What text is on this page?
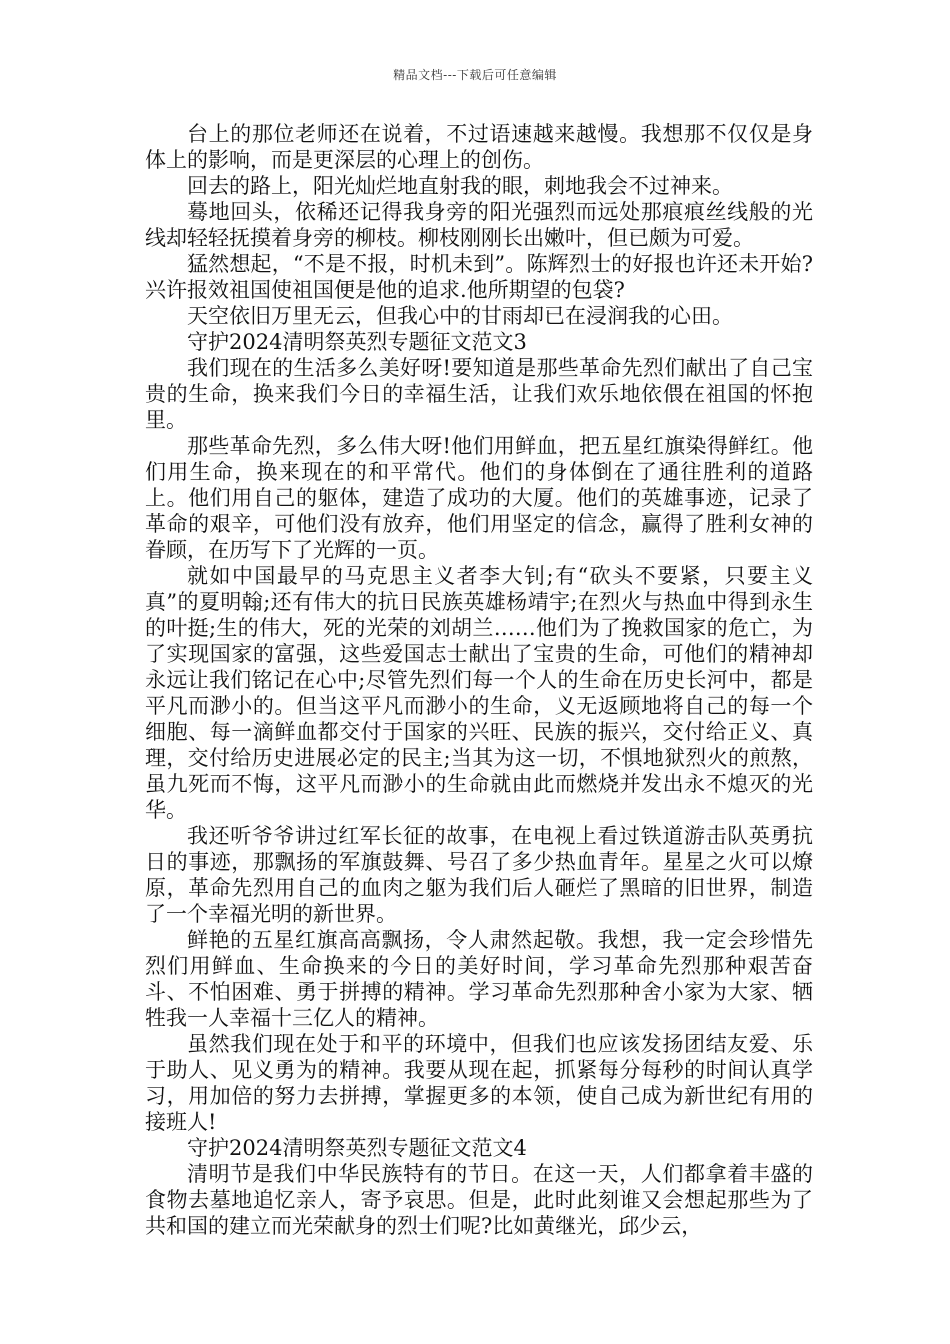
精品文档---下载后可任意编辑

台上的那位老师还在说着，不过语速越来越慢。我想那不仅仅是身体上的影响，而是更深层的心理上的创伤。

回去的路上，阳光灿烂地直射我的眼，刺地我会不过神来。

蓦地回头，依稀还记得我身旁的阳光强烈而远处那痕痕丝线般的光线却轻轻抚摸着身旁的柳枝。柳枝刚刚长出嫩叶，但已颇为可爱。

猛然想起，“不是不报，时机未到”。陈辉烈士的好报也许还未开始?兴许报效祖国使祖国便是他的追求.他所期望的包袋?

天空依旧万里无云，但我心中的甘雨却已在浸润我的心田。

守护2024清明祭英烈专题征文范文3

我们现在的生活多么美好呀!要知道是那些革命先烈们献出了自己宝贵的生命，换来我们今日的幸福生活，让我们欢乐地依偎在祖国的怀抱里。

那些革命先烈，多么伟大呀!他们用鲜血，把五星红旗染得鲜红。他们用生命，换来现在的和平常代。他们的身体倒在了通往胜利的道路上。他们用自己的躯体，建造了成功的大厦。他们的英雄事迹，记录了革命的艰辛，可他们没有放弃，他们用坚定的信念，赢得了胜利女神的眷顾，在历写下了光辉的一页。

就如中国最早的马克思主义者李大钊;有“砍头不要紧，只要主义真”的夏明翰;还有伟大的抗日民族英雄杨靖宇;在烈火与热血中得到永生的叶挺;生的伟大，死的光荣的刘胡兰……他们为了挽救国家的危亡，为了实现国家的富强，这些爱国志士献出了宝贵的生命，可他们的精神却永远让我们铭记在心中;尽管先烈们每一个人的生命在历史长河中，都是平凡而渺小的。但当这平凡而渺小的生命，义无返顾地将自己的每一个细胞、每一滴鲜血都交付于国家的兴旺、民族的振兴，交付给正义、真理，交付给历史进展必定的民主;当其为这一切，不惧地狱烈火的煎熬，虽九死而不悔，这平凡而渺小的生命就由此而燃烧并发出永不熄灭的光华。

我还听爷爷讲过红军长征的故事，在电视上看过铁道游击队英勇抗日的事迹，那飘扬的军旗鼓舞、号召了多少热血青年。星星之火可以燎原，革命先烈用自己的血肉之躯为我们后人砸烂了黑暗的旧世界，制造了一个幸福光明的新世界。

鲜艳的五星红旗高高飘扬，令人肃然起敬。我想，我一定会珍惜先烈们用鲜血、生命换来的今日的美好时间，学习革命先烈那种艰苦奋斗、不怕困难、勇于拼搏的精神。学习革命先烈那种舍小家为大家、牺牲我一人幸福十三亿人的精神。

虽然我们现在处于和平的环境中，但我们也应该发扬团结友爱、乐于助人、见义勇为的精神。我要从现在起，抓紧每分每秒的时间认真学习，用加倍的努力去拼搏，掌握更多的本领，使自己成为新世纪有用的接班人!

守护2024清明祭英烈专题征文范文4

清明节是我们中华民族特有的节日。在这一天，人们都拿着丰盛的食物去墓地追忆亲人，寄予哀思。但是，此时此刻谁又会想起那些为了共和国的建立而光荣献身的烈士们呢?比如黄继光，邱少云，
